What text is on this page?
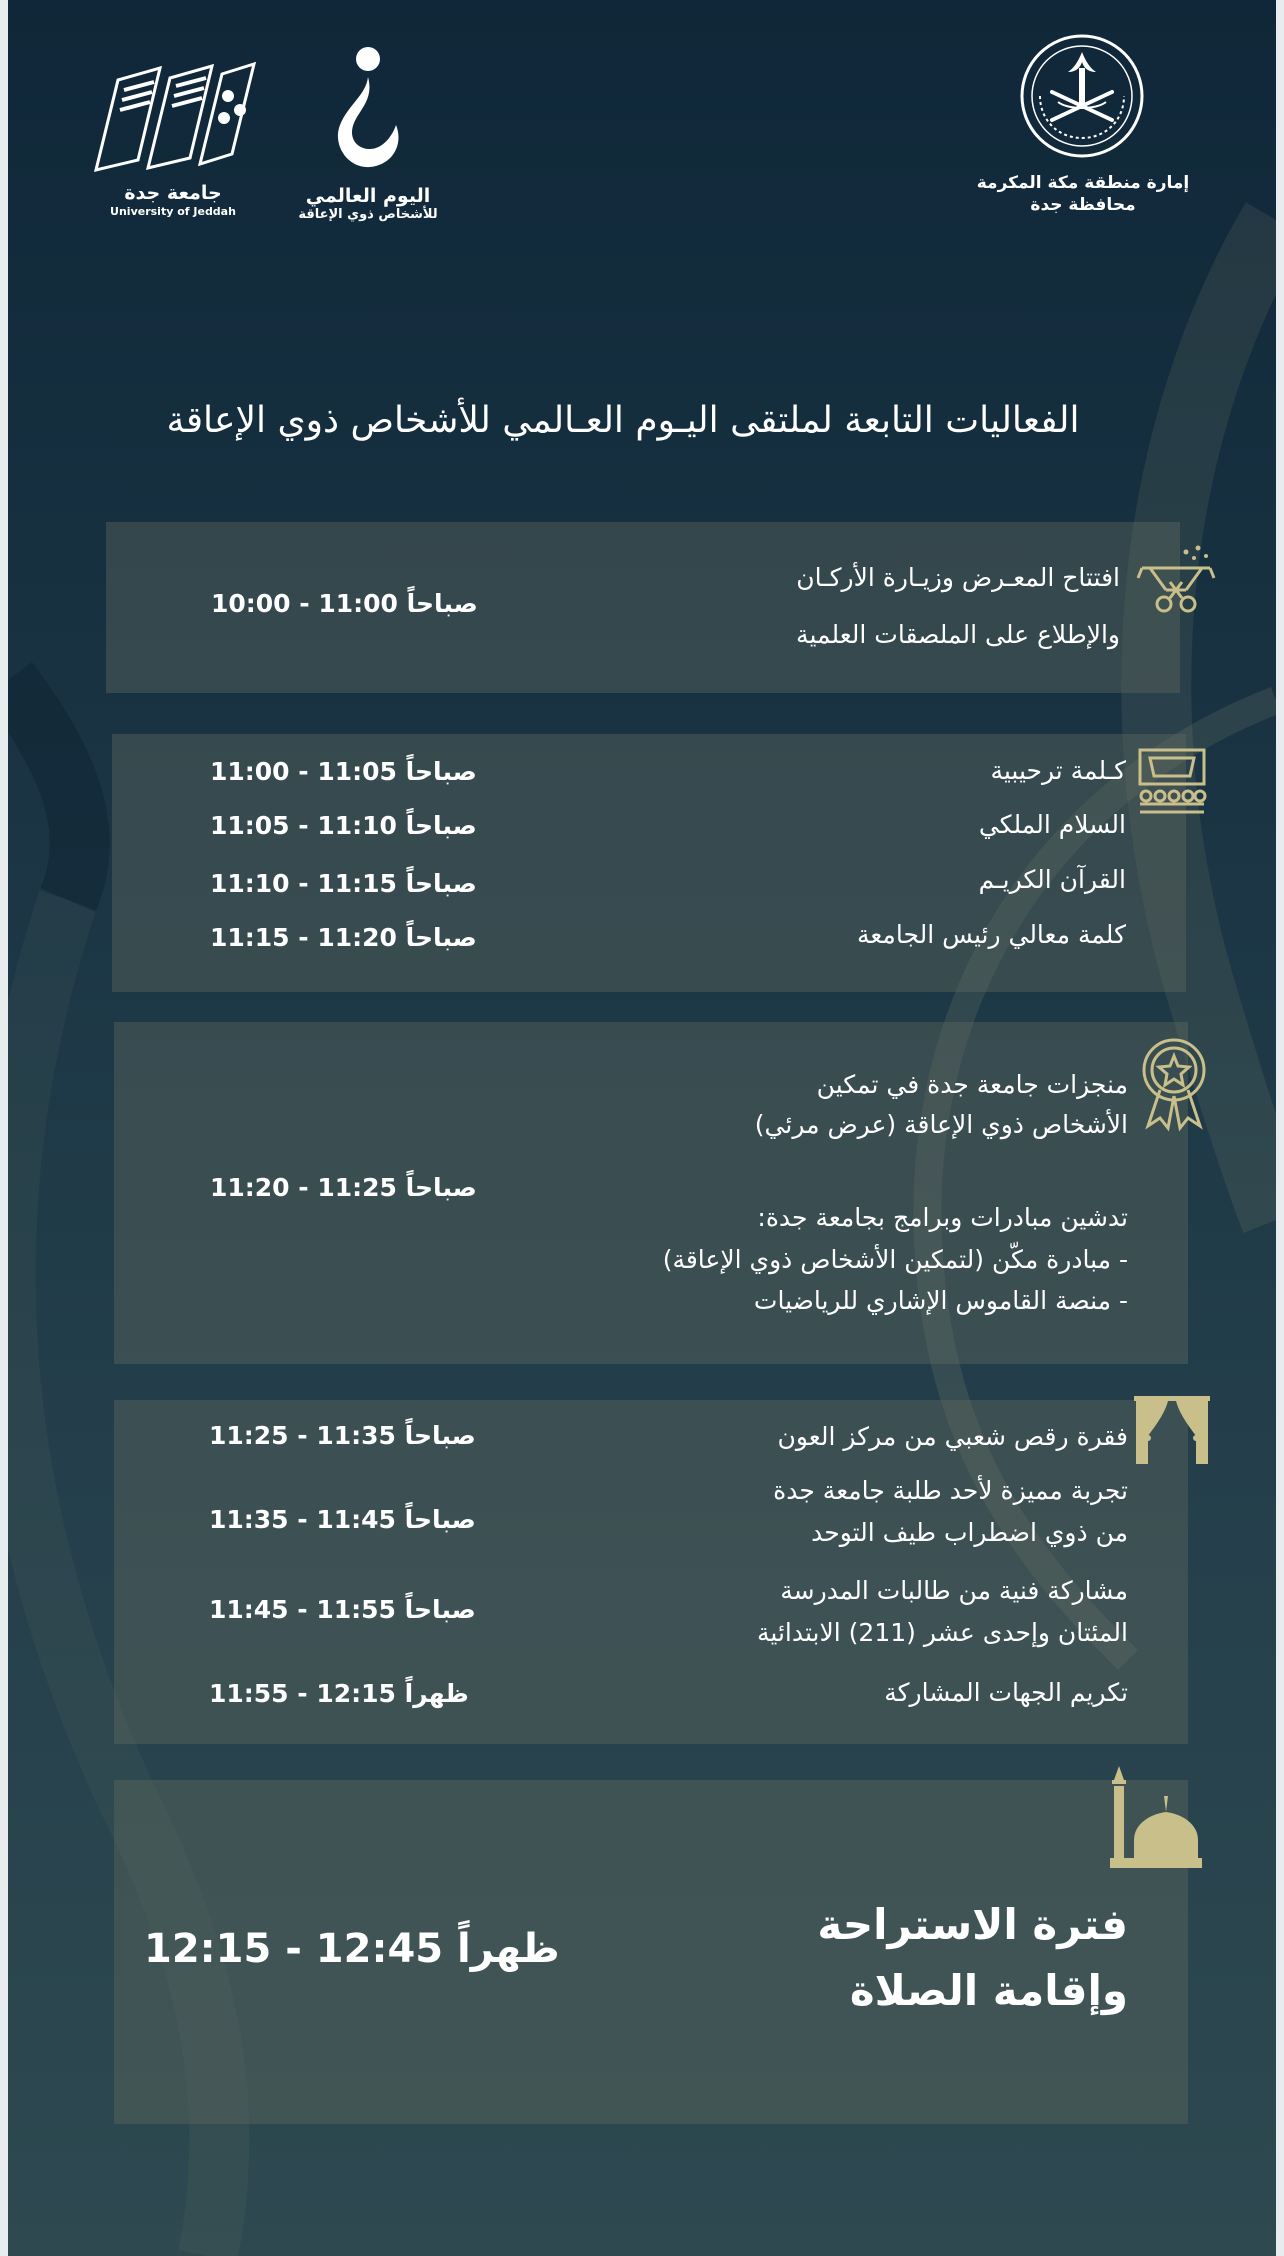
إمارة منطقة مكة المكرمة
محافظة جدة
اليوم العالمي
للأشخاص ذوي الإعاقة
جامعة جدة
University of Jeddah
الفعاليات التابعة لملتقى اليـوم العـالمي للأشخاص ذوي الإعاقة
افتتاح المعـرض وزيـارة الأركـان
والإطلاع على الملصقات العلمية
10:00 - 11:00 صباحاً
كـلمة ترحيبية
11:00 - 11:05 صباحاً
السلام الملكي
11:05 - 11:10 صباحاً
القرآن الكريـم
11:10 - 11:15 صباحاً
كلمة معالي رئيس الجامعة
11:15 - 11:20 صباحاً
منجزات جامعة جدة في تمكين
الأشخاص ذوي الإعاقة (عرض مرئي)
تدشين مبادرات وبرامج بجامعة جدة:
- مبادرة مكّن (لتمكين الأشخاص ذوي الإعاقة)
- منصة القاموس الإشاري للرياضيات
11:20 - 11:25 صباحاً
فقرة رقص شعبي من مركز العون
11:25 - 11:35 صباحاً
تجربة مميزة لأحد طلبة جامعة جدة
من ذوي اضطراب طيف التوحد
11:35 - 11:45 صباحاً
مشاركة فنية من طالبات المدرسة
المئتان وإحدى عشر (211) الابتدائية
11:45 - 11:55 صباحاً
تكريم الجهات المشاركة
11:55 - 12:15 ظهراً
فترة الاستراحة
وإقامة الصلاة
12:15 - 12:45 ظهراً
